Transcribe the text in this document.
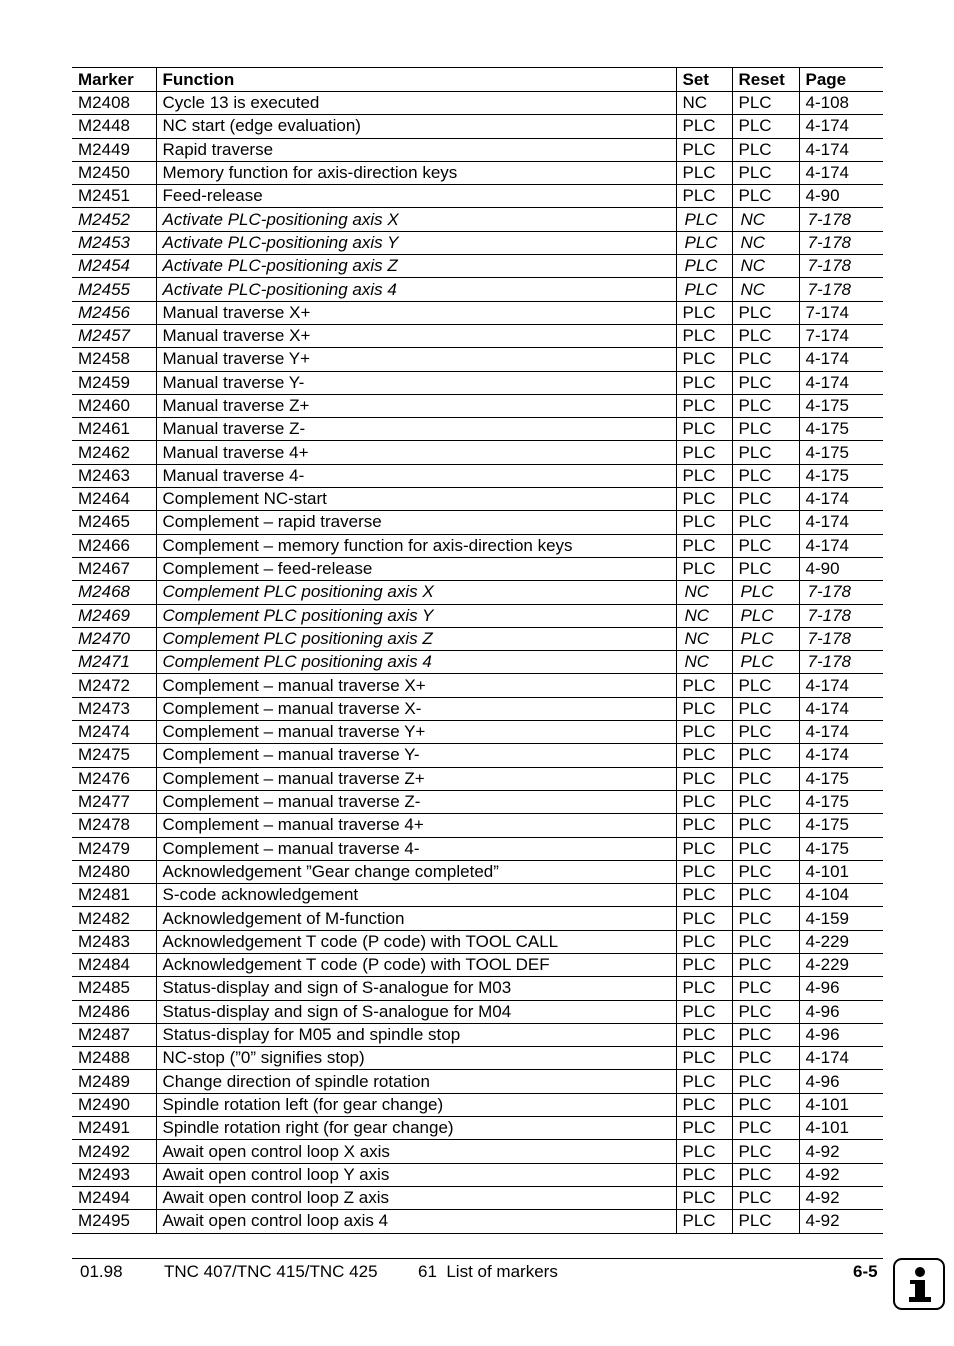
Marker	Function	Set	Reset	Page
M2408	Cycle 13 is executed	NC	PLC	4-108
M2448	NC start (edge evaluation)	PLC	PLC	4-174
M2449	Rapid traverse	PLC	PLC	4-174
M2450	Memory function for axis-direction keys	PLC	PLC	4-174
M2451	Feed-release	PLC	PLC	4-90
M2452	Activate PLC-positioning axis X	PLC	NC	7-178
M2453	Activate PLC-positioning axis Y	PLC	NC	7-178
M2454	Activate PLC-positioning axis Z	PLC	NC	7-178
M2455	Activate PLC-positioning axis 4	PLC	NC	7-178
M2456	Manual traverse X+	PLC	PLC	7-174
M2457	Manual traverse X+	PLC	PLC	7-174
M2458	Manual traverse Y+	PLC	PLC	4-174
M2459	Manual traverse Y-	PLC	PLC	4-174
M2460	Manual traverse Z+	PLC	PLC	4-175
M2461	Manual traverse Z-	PLC	PLC	4-175
M2462	Manual traverse 4+	PLC	PLC	4-175
M2463	Manual traverse 4-	PLC	PLC	4-175
M2464	Complement NC-start	PLC	PLC	4-174
M2465	Complement – rapid traverse	PLC	PLC	4-174
M2466	Complement – memory function for axis-direction keys	PLC	PLC	4-174
M2467	Complement – feed-release	PLC	PLC	4-90
M2468	Complement PLC positioning axis X	NC	PLC	7-178
M2469	Complement PLC positioning axis Y	NC	PLC	7-178
M2470	Complement PLC positioning axis Z	NC	PLC	7-178
M2471	Complement PLC positioning axis 4	NC	PLC	7-178
M2472	Complement – manual traverse X+	PLC	PLC	4-174
M2473	Complement – manual traverse X-	PLC	PLC	4-174
M2474	Complement – manual traverse Y+	PLC	PLC	4-174
M2475	Complement – manual traverse Y-	PLC	PLC	4-174
M2476	Complement – manual traverse Z+	PLC	PLC	4-175
M2477	Complement – manual traverse Z-	PLC	PLC	4-175
M2478	Complement – manual traverse 4+	PLC	PLC	4-175
M2479	Complement – manual traverse 4-	PLC	PLC	4-175
M2480	Acknowledgement ”Gear change completed”	PLC	PLC	4-101
M2481	S-code acknowledgement	PLC	PLC	4-104
M2482	Acknowledgement of M-function	PLC	PLC	4-159
M2483	Acknowledgement T code (P code) with TOOL CALL	PLC	PLC	4-229
M2484	Acknowledgement T code (P code) with TOOL DEF	PLC	PLC	4-229
M2485	Status-display and sign of S-analogue for M03	PLC	PLC	4-96
M2486	Status-display and sign of S-analogue for M04	PLC	PLC	4-96
M2487	Status-display for M05 and spindle stop	PLC	PLC	4-96
M2488	NC-stop (”0” signifies stop)	PLC	PLC	4-174
M2489	Change direction of spindle rotation	PLC	PLC	4-96
M2490	Spindle rotation left (for gear change)	PLC	PLC	4-101
M2491	Spindle rotation right (for gear change)	PLC	PLC	4-101
M2492	Await open control loop X axis	PLC	PLC	4-92
M2493	Await open control loop Y axis	PLC	PLC	4-92
M2494	Await open control loop Z axis	PLC	PLC	4-92
M2495	Await open control loop axis 4	PLC	PLC	4-92
01.98 TNC 407/TNC 415/TNC 425 61  List of markers	6-5
